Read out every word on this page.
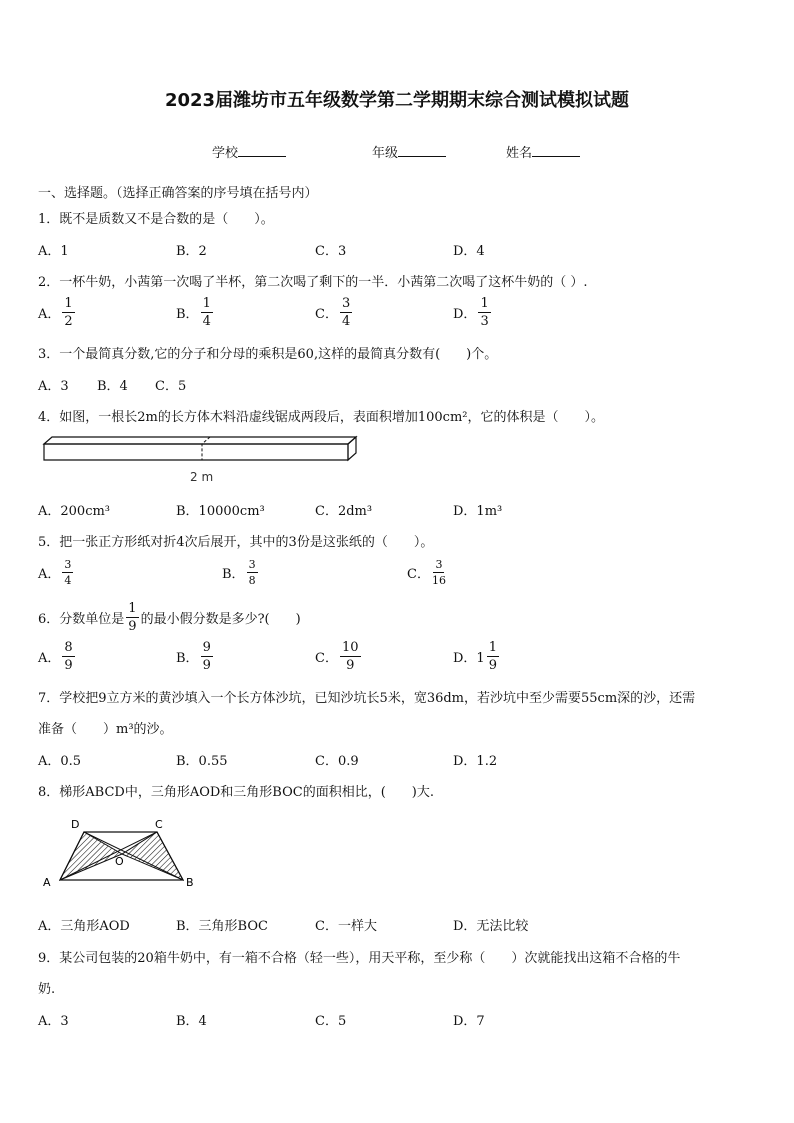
2023届潍坊市五年级数学第二学期期末综合测试模拟试题
学校	年级	姓名
一、选择题。（选择正确答案的序号填在括号内）
1．既不是质数又不是合数的是（　　）。
A．1	B．2	C．3	D．4
2．一杯牛奶，小茜第一次喝了半杯，第二次喝了剩下的一半．小茜第二次喝了这杯牛奶的（ ）.
A． $\frac{1}{2}$	B． $\frac{1}{4}$	C． $\frac{3}{4}$	D． $\frac{1}{3}$
3．一个最简真分数,它的分子和分母的乘积是60,这样的最简真分数有(　　)个。
A．3 B．4 C．5
4．如图，一根长2m的长方体木料沿虚线锯成两段后，表面积增加100cm²，它的体积是（　　）。
2 m
A．200cm³	B．10000cm³	C．2dm³	D．1m³
5．把一张正方形纸对折4次后展开，其中的3份是这张纸的（　　）。
A． $\frac{3}{4}$	B． $\frac{3}{8}$	C． $\frac{3}{16}$
6．分数单位是 $\frac{1}{9}$ 的最小假分数是多少?(　　)
A． $\frac{8}{9}$	B． $\frac{9}{9}$	C． $\frac{10}{9}$	D．$1 \frac{1}{9}$
7．学校把9立方米的黄沙填入一个长方体沙坑，已知沙坑长5米，宽36dm，若沙坑中至少需要55cm深的沙，还需
准备（　　）m³的沙。
A．0.5	B．0.55	C．0.9	D．1.2
8．梯形ABCD中，三角形AOD和三角形BOC的面积相比，(　　)大.
D	C
A	B
O
A．三角形AOD	B．三角形BOC	C．一样大	D．无法比较
9．某公司包装的20箱牛奶中，有一箱不合格（轻一些），用天平称，至少称（　　）次就能找出这箱不合格的牛
奶.
A．3	B．4	C．5	D．7
